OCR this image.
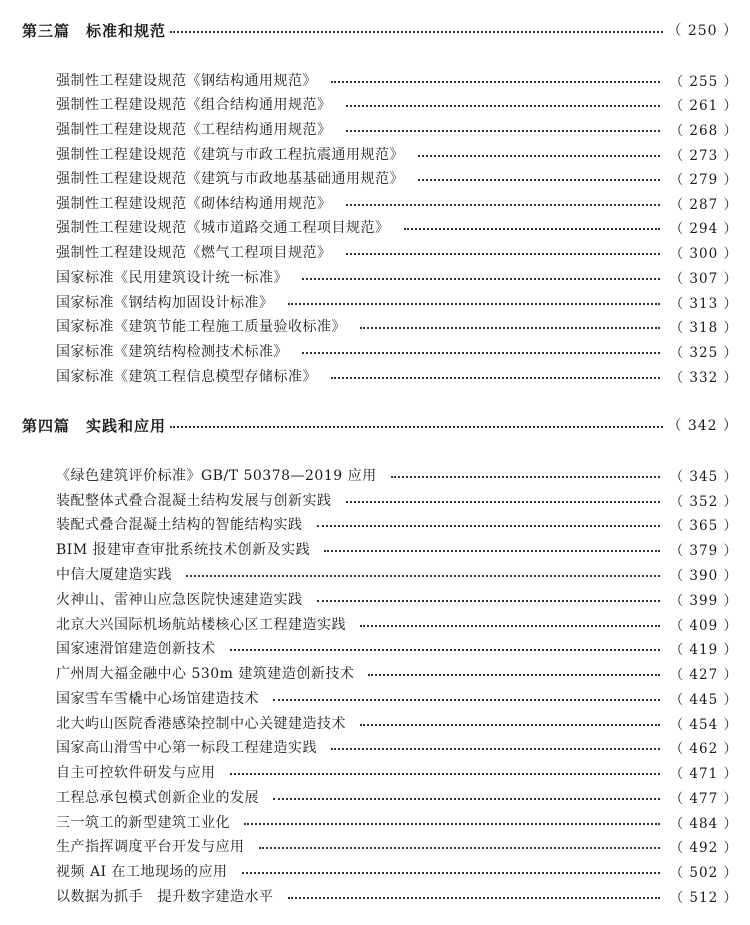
第三篇 标准和规范	（ 250 ）
强制性工程建设规范《钢结构通用规范》	（ 255 ）
强制性工程建设规范《组合结构通用规范》	（ 261 ）
强制性工程建设规范《工程结构通用规范》	（ 268 ）
强制性工程建设规范《建筑与市政工程抗震通用规范》	（ 273 ）
强制性工程建设规范《建筑与市政地基基础通用规范》	（ 279 ）
强制性工程建设规范《砌体结构通用规范》	（ 287 ）
强制性工程建设规范《城市道路交通工程项目规范》	（ 294 ）
强制性工程建设规范《燃气工程项目规范》	（ 300 ）
国家标准《民用建筑设计统一标准》	（ 307 ）
国家标准《钢结构加固设计标准》	（ 313 ）
国家标准《建筑节能工程施工质量验收标准》	（ 318 ）
国家标准《建筑结构检测技术标准》	（ 325 ）
国家标准《建筑工程信息模型存储标准》	（ 332 ）
第四篇 实践和应用	（ 342 ）
《绿色建筑评价标准》GB/T 50378—2019 应用	（ 345 ）
装配整体式叠合混凝土结构发展与创新实践	（ 352 ）
装配式叠合混凝土结构的智能结构实践	（ 365 ）
BIM 报建审查审批系统技术创新及实践	（ 379 ）
中信大厦建造实践	（ 390 ）
火神山、雷神山应急医院快速建造实践	（ 399 ）
北京大兴国际机场航站楼核心区工程建造实践	（ 409 ）
国家速滑馆建造创新技术	（ 419 ）
广州周大福金融中心 530m 建筑建造创新技术	（ 427 ）
国家雪车雪橇中心场馆建造技术	（ 445 ）
北大屿山医院香港感染控制中心关键建造技术	（ 454 ）
国家高山滑雪中心第一标段工程建造实践	（ 462 ）
自主可控软件研发与应用	（ 471 ）
工程总承包模式创新企业的发展	（ 477 ）
三一筑工的新型建筑工业化	（ 484 ）
生产指挥调度平台开发与应用	（ 492 ）
视频 AI 在工地现场的应用	（ 502 ）
以数据为抓手　提升数字建造水平	（ 512 ）
